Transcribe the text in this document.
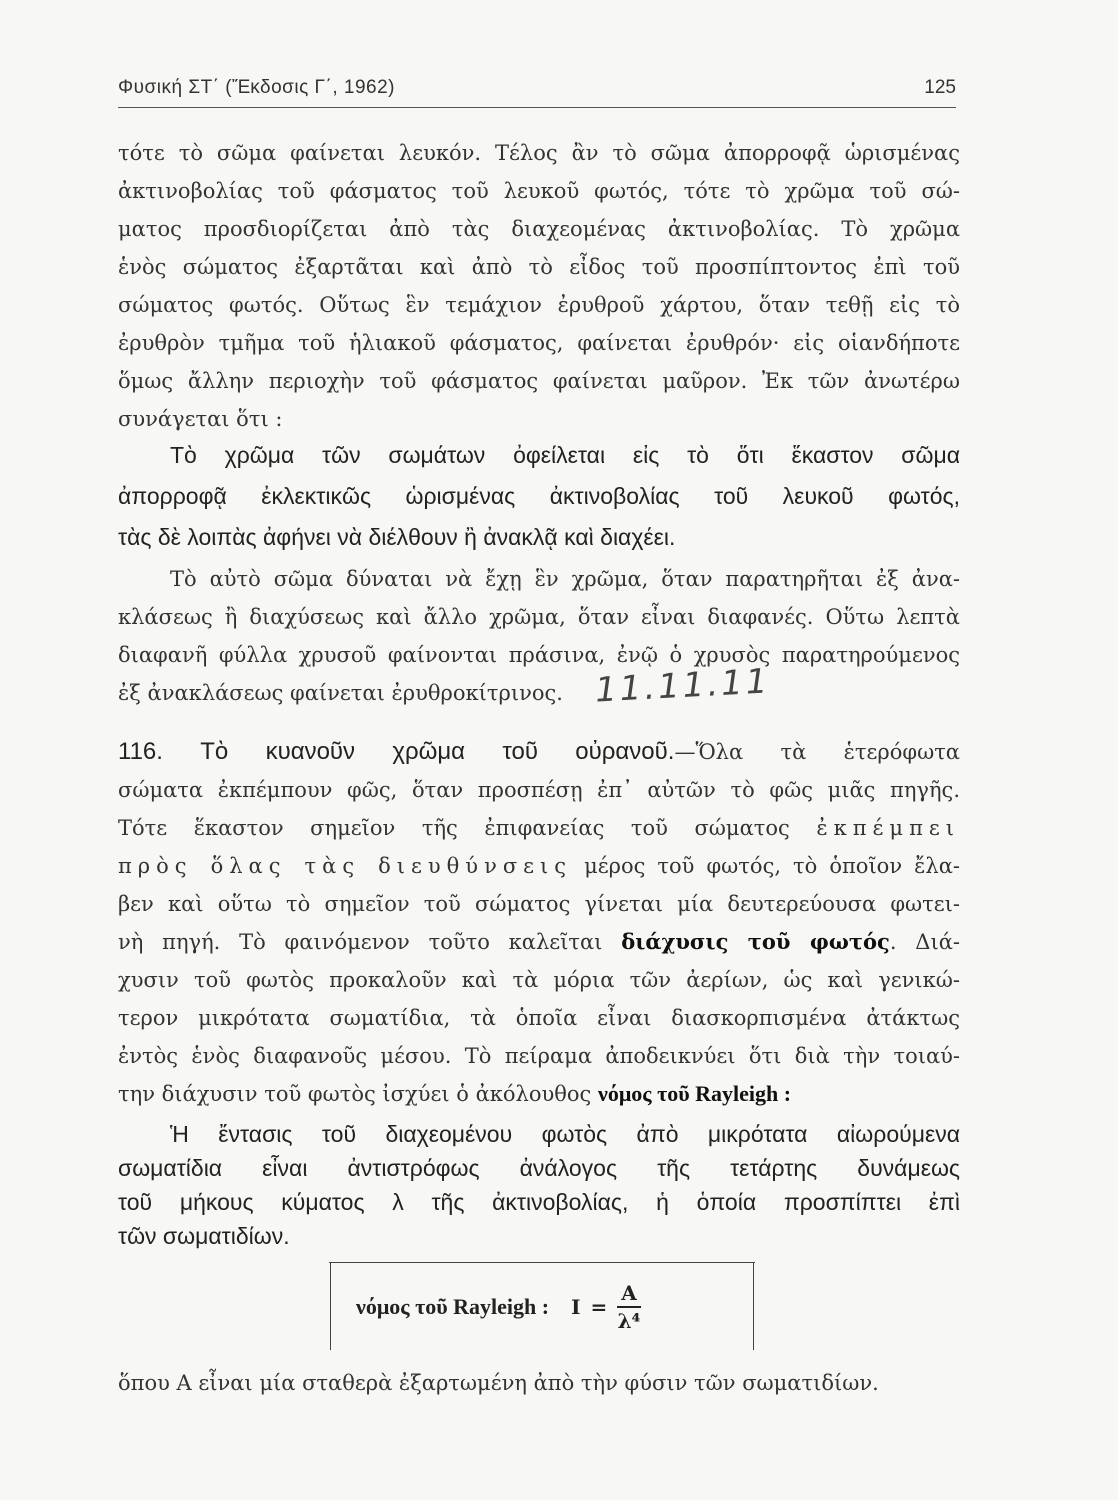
Φυσική ΣΤ΄ (Ἔκδοσις Γ΄, 1962)	125
τότε τὸ σῶμα φαίνεται λευκόν. Τέλος ἂν τὸ σῶμα ἀπορροφᾷ ὡρισμένας
ἀκτινοβολίας τοῦ φάσματος τοῦ λευκοῦ φωτός, τότε τὸ χρῶμα τοῦ σώ-
ματος προσδιορίζεται ἀπὸ τὰς διαχεομένας ἀκτινοβολίας. Τὸ χρῶμα
ἑνὸς σώματος ἐξαρτᾶται καὶ ἀπὸ τὸ εἶδος τοῦ προσπίπτοντος ἐπὶ τοῦ
σώματος φωτός. Οὕτως ἓν τεμάχιον ἐρυθροῦ χάρτου, ὅταν τεθῇ εἰς τὸ
ἐρυθρὸν τμῆμα τοῦ ἡλιακοῦ φάσματος, φαίνεται ἐρυθρόν· εἰς οἱανδήποτε
ὅμως ἄλλην περιοχὴν τοῦ φάσματος φαίνεται μαῦρον. Ἐκ τῶν ἀνωτέρω
συνάγεται ὅτι :
Τὸ χρῶμα τῶν σωμάτων ὀφείλεται εἰς τὸ ὅτι ἕκαστον σῶμα
ἀπορροφᾷ ἐκλεκτικῶς ὡρισμένας ἀκτινοβολίας τοῦ λευκοῦ φωτός,
τὰς δὲ λοιπὰς ἀφήνει νὰ διέλθουν ἢ ἀνακλᾷ καὶ διαχέει.
Τὸ αὐτὸ σῶμα δύναται νὰ ἔχῃ ἓν χρῶμα, ὅταν παρατηρῆται ἐξ ἀνα-
κλάσεως ἢ διαχύσεως καὶ ἄλλο χρῶμα, ὅταν εἶναι διαφανές. Οὕτω λεπτὰ
διαφανῆ φύλλα χρυσοῦ φαίνονται πράσινα, ἐνῷ ὁ χρυσὸς παρατηρούμενος
ἐξ ἀνακλάσεως φαίνεται ἐρυθροκίτρινος. 11.11.11
116. Τὸ κυανοῦν χρῶμα τοῦ οὐρανοῦ.—Ὅλα τὰ ἑτερόφωτα
σώματα ἐκπέμπουν φῶς, ὅταν προσπέσῃ ἐπ᾽ αὐτῶν τὸ φῶς μιᾶς πηγῆς.
Τότε ἕκαστον σημεῖον τῆς ἐπιφανείας τοῦ σώματος ἐκπέμπει
πρὸς ὅλας τὰς διευθύνσεις μέρος τοῦ φωτός, τὸ ὁποῖον ἔλα-
βεν καὶ οὕτω τὸ σημεῖον τοῦ σώματος γίνεται μία δευτερεύουσα φωτει-
νὴ πηγή. Τὸ φαινόμενον τοῦτο καλεῖται διάχυσις τοῦ φωτός. Διά-
χυσιν τοῦ φωτὸς προκαλοῦν καὶ τὰ μόρια τῶν ἀερίων, ὡς καὶ γενικώ-
τερον μικρότατα σωματίδια, τὰ ὁποῖα εἶναι διασκορπισμένα ἀτάκτως
ἐντὸς ἑνὸς διαφανοῦς μέσου. Τὸ πείραμα ἀποδεικνύει ὅτι διὰ τὴν τοιαύ-
την διάχυσιν τοῦ φωτὸς ἰσχύει ὁ ἀκόλουθος νόμος τοῦ Rayleigh :
Ἡ ἔντασις τοῦ διαχεομένου φωτὸς ἀπὸ μικρότατα αἰωρούμενα
σωματίδια εἶναι ἀντιστρόφως ἀνάλογος τῆς τετάρτης δυνάμεως
τοῦ μήκους κύματος λ τῆς ἀκτινοβολίας, ἡ ὁποία προσπίπτει ἐπὶ
τῶν σωματιδίων.
νόμος τοῦ Rayleigh : $I = \frac{A}{\text{λ⁴}}$
ὅπου A εἶναι μία σταθερὰ ἐξαρτωμένη ἀπὸ τὴν φύσιν τῶν σωματιδίων.
